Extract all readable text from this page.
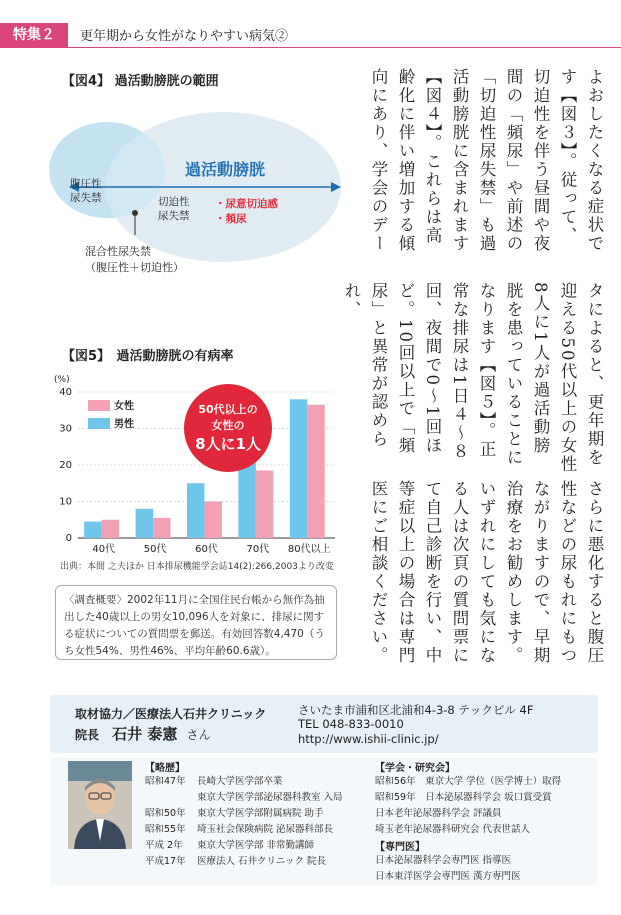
特集２	更年期から女性がなりやすい病気②
【図4】 過活動膀胱の範囲
過活動膀胱
腹圧性
尿失禁	切迫性
尿失禁
・尿意切迫感
・頻尿
混合性尿失禁
（腹圧性＋切迫性）
【図5】　過活動膀胱の有病率
0
10
20
30
40
40代	50代	60代	70代 80代以上
(%)
女性
男性
50代以上の
女性の
8人に1人
出典：本間 之夫ほか 日本排尿機能学会誌14(2):266,2003より改変
〈調査概要〉2002年11月に全国住民台帳から無作為抽出した40歳以上の男女10,096人を対象に、排尿に関する症状についての質問票を郵送。有効回答数4,470（うち女性54%、男性46%、平均年齢60.6歳）。
よおしたくなる症状で
す【図３】。従って、
切迫性を伴う昼間や夜
間の「頻尿」や前述の
「切迫性尿失禁」も過
活動膀胱に含まれます
【図４】。これらは高
齢化に伴い増加する傾
向にあり、学会のデー
タによると、更年期を
迎える50代以上の女性
8人に1人が過活動膀
胱を患っていることに
なります【図５】。正
常な排尿は1日４～８
回、夜間で0～1回ほ
ど。10回以上で「頻
尿」と異常が認められ、
さらに悪化すると腹圧
性などの尿もれにもつ
ながりますので、早期
治療をお勧めします。
いずれにしても気にな
る人は次頁の質問票に
て自己診断を行い、中
等症以上の場合は専門
医にご相談ください。
取材協力／医療法人石井クリニック
院長 石井 泰憲 さん
さいたま市浦和区北浦和4-3-8 テックビル 4F
TEL 048-833-0010
http://www.ishii-clinic.jp/
【略歴】
昭和47年 長崎大学医学部卒業
東京大学医学部泌尿器科教室 入局
昭和50年 東京大学医学部附属病院 助手
昭和55年 埼玉社会保険病院 泌尿器科部長
平成 2年 東京大学医学部 非常勤講師
平成17年 医療法人 石井クリニック 院長
【学会・研究会】
昭和56年　東京大学 学位（医学博士）取得
昭和59年　日本泌尿器科学会 坂口賞受賞
日本老年泌尿器科学会 評議員
埼玉老年泌尿器科研究会 代表世話人
【専門医】
日本泌尿器科学会専門医 指導医
日本東洋医学会専門医 漢方専門医
